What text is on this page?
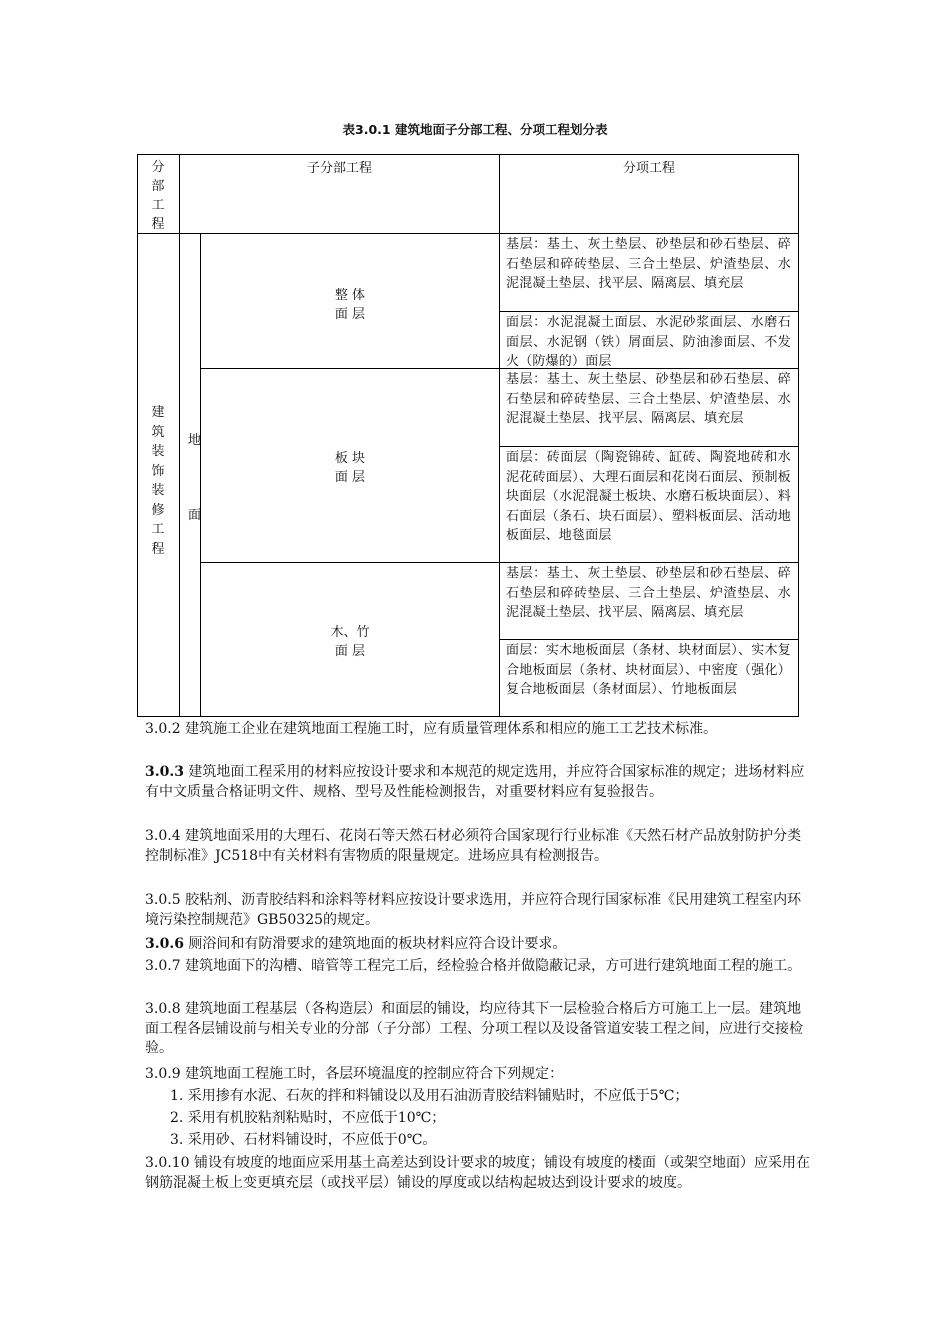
表3.0.1 建筑地面子分部工程、分项工程划分表
分部工程
子分部工程	分项工程
建筑装饰装修工程
地
面
整 体
面 层
基层：基土、灰土垫层、砂垫层和砂石垫层、碎石垫层和碎砖垫层、三合土垫层、炉渣垫层、水泥混凝土垫层、找平层、隔离层、填充层
面层：水泥混凝土面层、水泥砂浆面层、水磨石面层、水泥钢（铁）屑面层、防油渗面层、不发火（防爆的）面层
板 块
面 层
基层：基土、灰土垫层、砂垫层和砂石垫层、碎石垫层和碎砖垫层、三合土垫层、炉渣垫层、水泥混凝土垫层、找平层、隔离层、填充层
面层：砖面层（陶瓷锦砖、缸砖、陶瓷地砖和水泥花砖面层）、大理石面层和花岗石面层、预制板块面层（水泥混凝土板块、水磨石板块面层）、料石面层（条石、块石面层）、塑料板面层、活动地板面层、地毯面层
木、竹
面 层
基层：基土、灰土垫层、砂垫层和砂石垫层、碎石垫层和碎砖垫层、三合土垫层、炉渣垫层、水泥混凝土垫层、找平层、隔离层、填充层
面层：实木地板面层（条材、块材面层）、实木复合地板面层（条材、块材面层）、中密度（强化）复合地板面层（条材面层）、竹地板面层
3.0.2 建筑施工企业在建筑地面工程施工时，应有质量管理体系和相应的施工工艺技术标准。
3.0.3 建筑地面工程采用的材料应按设计要求和本规范的规定选用，并应符合国家标准的规定；进场材料应有中文质量合格证明文件、规格、型号及性能检测报告，对重要材料应有复验报告。
3.0.4 建筑地面采用的大理石、花岗石等天然石材必须符合国家现行行业标准《天然石材产品放射防护分类控制标准》JC518中有关材料有害物质的限量规定。进场应具有检测报告。
3.0.5 胶粘剂、沥青胶结料和涂料等材料应按设计要求选用，并应符合现行国家标准《民用建筑工程室内环境污染控制规范》GB50325的规定。
3.0.6 厕浴间和有防滑要求的建筑地面的板块材料应符合设计要求。
3.0.7 建筑地面下的沟槽、暗管等工程完工后，经检验合格并做隐蔽记录，方可进行建筑地面工程的施工。
3.0.8 建筑地面工程基层（各构造层）和面层的铺设，均应待其下一层检验合格后方可施工上一层。建筑地面工程各层铺设前与相关专业的分部（子分部）工程、分项工程以及设备管道安装工程之间，应进行交接检验。
3.0.9 建筑地面工程施工时，各层环境温度的控制应符合下列规定：
1. 采用掺有水泥、石灰的拌和料铺设以及用石油沥青胶结料铺贴时，不应低于5℃；
2. 采用有机胶粘剂粘贴时，不应低于10℃；
3. 采用砂、石材料铺设时，不应低于0℃。
3.0.10 铺设有坡度的地面应采用基土高差达到设计要求的坡度；铺设有坡度的楼面（或架空地面）应采用在钢筋混凝土板上变更填充层（或找平层）铺设的厚度或以结构起坡达到设计要求的坡度。
